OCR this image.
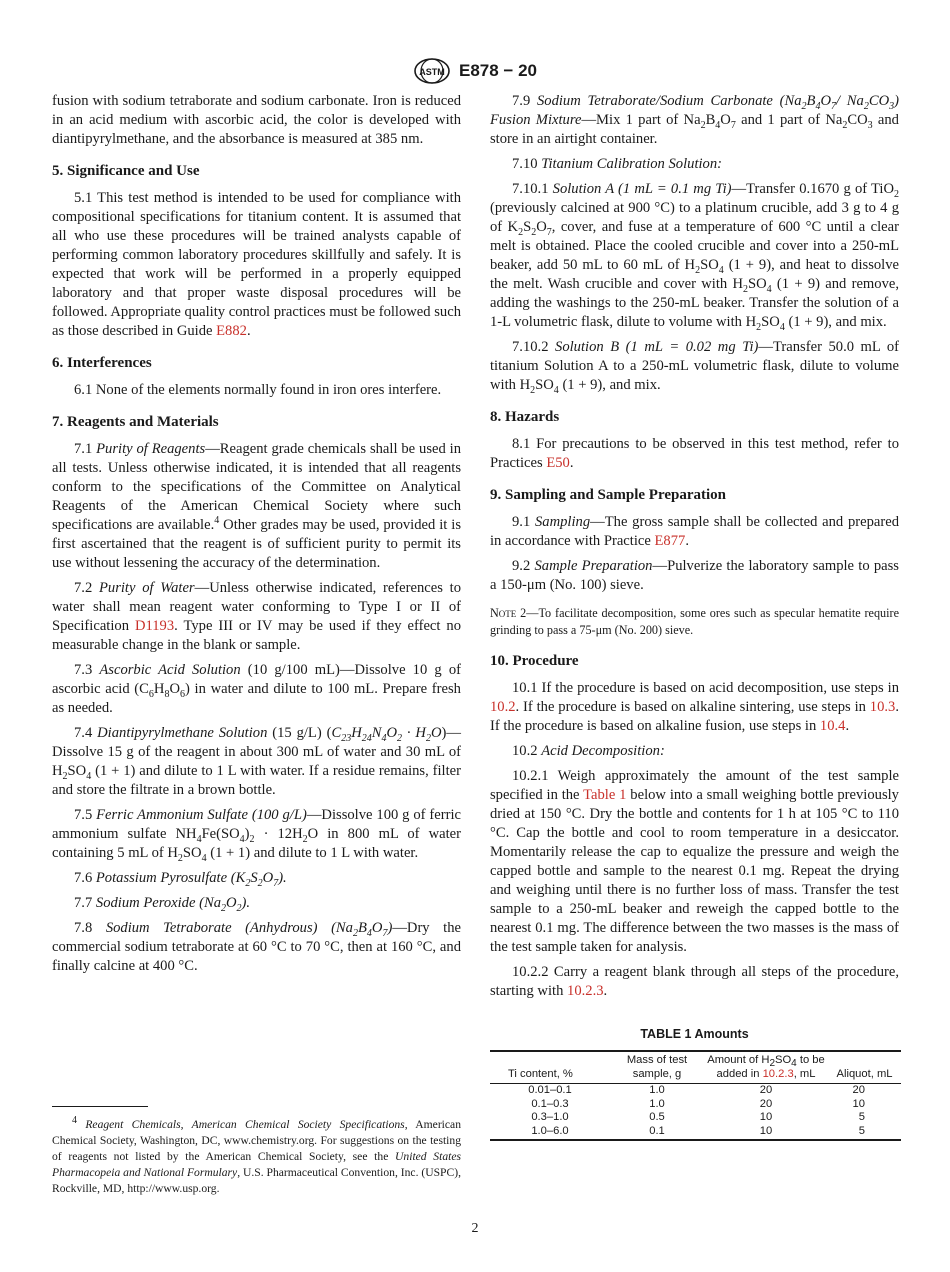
ASTM E878 − 20

fusion with sodium tetraborate and sodium carbonate. Iron is reduced in an acid medium with ascorbic acid, the color is developed with diantipyrylmethane, and the absorbance is measured at 385 nm.

5. Significance and Use

5.1 This test method is intended to be used for compliance with compositional specifications for titanium content. It is assumed that all who use these procedures will be trained analysts capable of performing common laboratory procedures skillfully and safely. It is expected that work will be performed in a properly equipped laboratory and that proper waste disposal procedures will be followed. Appropriate quality control practices must be followed such as those described in Guide E882.

6. Interferences

6.1 None of the elements normally found in iron ores interfere.

7. Reagents and Materials

7.1 Purity of Reagents—Reagent grade chemicals shall be used in all tests. Unless otherwise indicated, it is intended that all reagents conform to the specifications of the Committee on Analytical Reagents of the American Chemical Society where such specifications are available.$^4$ Other grades may be used, provided it is first ascertained that the reagent is of sufficient purity to permit its use without lessening the accuracy of the determination.

7.2 Purity of Water—Unless otherwise indicated, references to water shall mean reagent water conforming to Type I or II of Specification D1193. Type III or IV may be used if they effect no measurable change in the blank or sample.

7.3 Ascorbic Acid Solution (10 g/100 mL)—Dissolve 10 g of ascorbic acid $(C_6H_8O_6)$ in water and dilute to 100 mL. Prepare fresh as needed.

7.4 Diantipyrylmethane Solution (15 g/L) ($C_{23}H_{24}N_4O_2$ · $H_2O)—Dissolve$ 15 g of the reagent in about 300 mL of water and 30 mL of $H_2SO_4$ (1 + 1) and dilute to 1 L with water. If a residue remains, filter and store the filtrate in a brown bottle.

7.5 Ferric Ammonium Sulfate (100 g/L)—Dissolve 100 g of ferric ammonium sulfate $NH_4Fe(SO_4)_2 \cdot 12H_2O$ in 800 mL of water containing 5 mL of $H_2SO_4$ (1 + 1) and dilute to 1 L with water.

7.6 Potassium Pyrosulfate $(K_2S_2O_7)$.

7.7 Sodium Peroxide $(Na_2O_2)$.

7.8 Sodium Tetraborate (Anhydrous) $(Na_2B_4O_7)—Dry$ the commercial sodium tetraborate at 60 °C to 70 °C, then at 160 °C, and finally calcine at 400 °C.

$^4$ Reagent Chemicals, American Chemical Society Specifications, American Chemical Society, Washington, DC, www.chemistry.org. For suggestions on the testing of reagents not listed by the American Chemical Society, see the United States Pharmacopeia and National Formulary, U.S. Pharmaceutical Convention, Inc. (USPC), Rockville, MD, http://www.usp.org.

7.9 Sodium Tetraborate/Sodium Carbonate ($Na_2B_4O_7/$ $Na_2CO_3$) Fusion Mixture—Mix 1 part of $Na_2B_4O_7$ and 1 part of $Na_2CO_3$ and store in an airtight container.

7.10 Titanium Calibration Solution:

7.10.1 Solution A (1 mL = 0.1 mg Ti)—Transfer 0.1670 g of TiO$_2$ (previously calcined at 900 °C) to a platinum crucible, add 3 g to 4 g of $K_2S_2O_7$, cover, and fuse at a temperature of 600 °C until a clear melt is obtained. Place the cooled crucible and cover into a 250-mL beaker, add 50 mL to 60 mL of $H_2SO_4$ (1 + 9), and heat to dissolve the melt. Wash crucible and cover with $H_2SO_4$ (1 + 9) and remove, adding the washings to the 250-mL beaker. Transfer the solution of a 1-L volumetric flask, dilute to volume with $H_2SO_4$ (1 + 9), and mix.

7.10.2 Solution B (1 mL = 0.02 mg Ti)—Transfer 50.0 mL of titanium Solution A to a 250-mL volumetric flask, dilute to volume with $H_2SO_4$ (1 + 9), and mix.

8. Hazards

8.1 For precautions to be observed in this test method, refer to Practices E50.

9. Sampling and Sample Preparation

9.1 Sampling—The gross sample shall be collected and prepared in accordance with Practice E877.

9.2 Sample Preparation—Pulverize the laboratory sample to pass a 150-μm (No. 100) sieve.

Note 2—To facilitate decomposition, some ores such as specular hematite require grinding to pass a 75-μm (No. 200) sieve.
10. Procedure

10.1 If the procedure is based on acid decomposition, use steps in 10.2. If the procedure is based on alkaline sintering, use steps in 10.3. If the procedure is based on alkaline fusion, use steps in 10.4.

10.2 Acid Decomposition:

10.2.1 Weigh approximately the amount of the test sample specified in the Table 1 below into a small weighing bottle previously dried at 150 °C. Dry the bottle and contents for 1 h at 105 °C to 110 °C. Cap the bottle and cool to room temperature in a desiccator. Momentarily release the cap to equalize the pressure and weigh the capped bottle and sample to the nearest 0.1 mg. Repeat the drying and weighing until there is no further loss of mass. Transfer the test sample to a 250-mL beaker and reweigh the capped bottle to the nearest 0.1 mg. The difference between the two masses is the mass of the test sample taken for analysis.

10.2.2 Carry a reagent blank through all steps of the procedure, starting with 10.2.3.

TABLE 1 Amounts
Ti content, %	Mass of test sample, g	Amount of $H_2SO_4$ to be added in 10.2.3, mL	Aliquot, mL
0.01–0.1	1.0	20	20
0.1–0.3	1.0	20	10
0.3–1.0	0.5	10	5
1.0–6.0	0.1	10	5
2
